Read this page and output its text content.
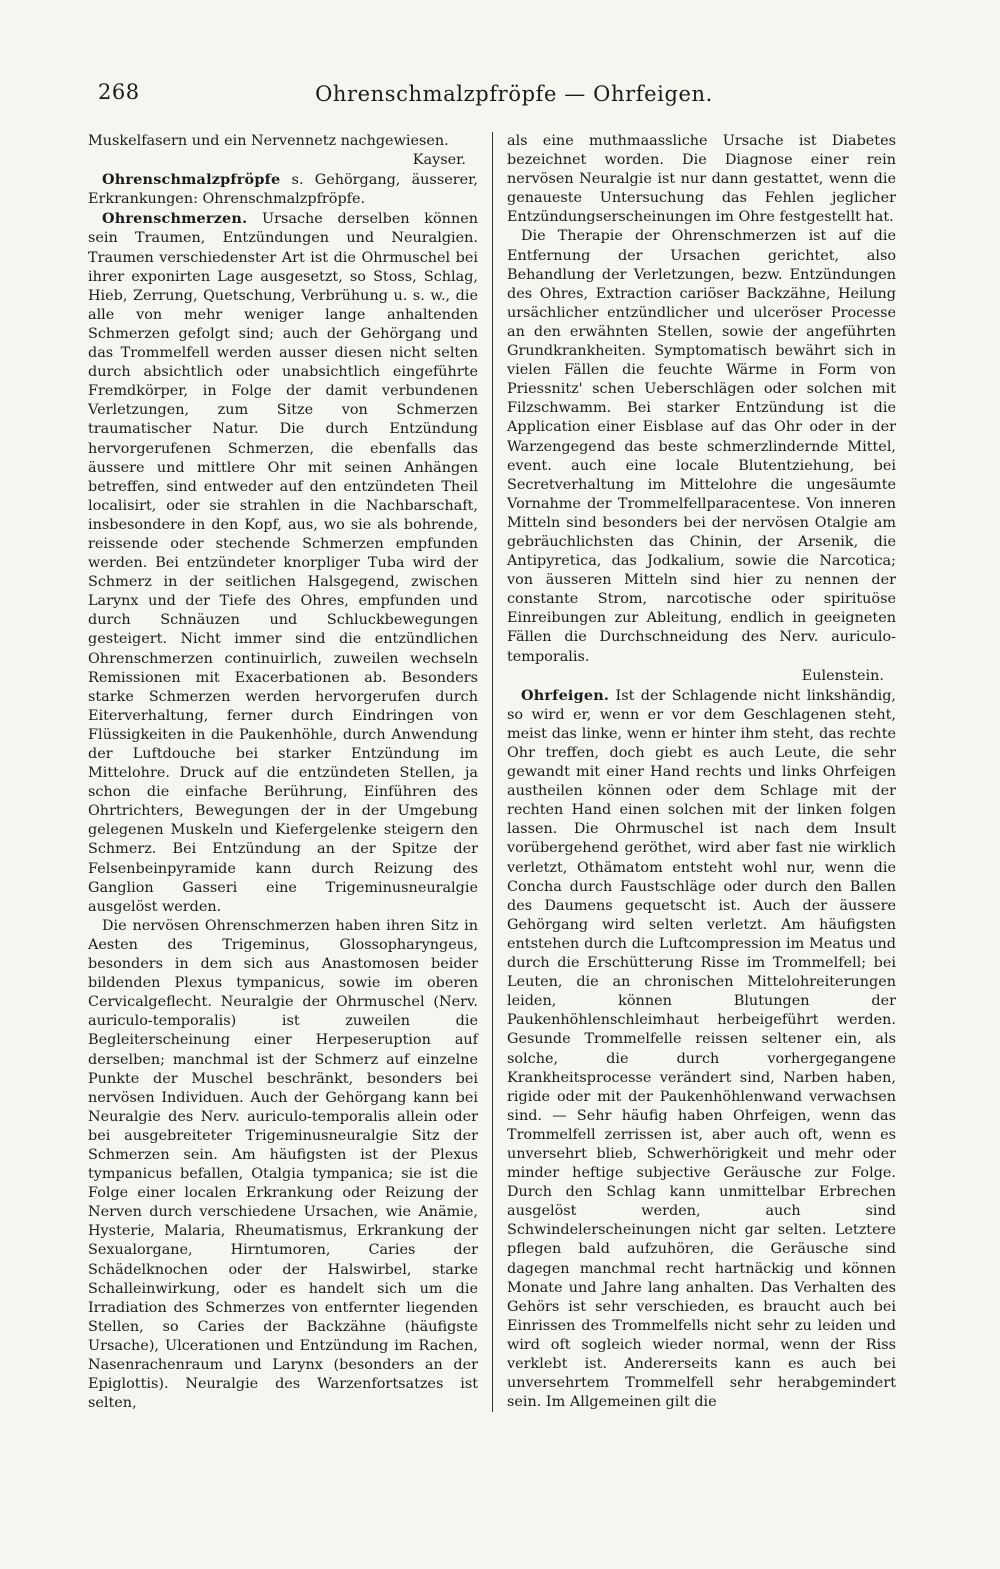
268	Ohrenschmalzpfröpfe — Ohrfeigen.

Muskelfasern und ein Nervennetz nachgewiesen.
Kayser.

Ohrenschmalzpfröpfe s. Gehörgang, äusserer, Erkrankungen: Ohrenschmalzpfröpfe.

Ohrenschmerzen. Ursache derselben können sein Traumen, Entzündungen und Neuralgien. Traumen verschiedenster Art ist die Ohrmuschel bei ihrer exponirten Lage ausgesetzt, so Stoss, Schlag, Hieb, Zerrung, Quetschung, Verbrühung u. s. w., die alle von mehr weniger lange anhaltenden Schmerzen gefolgt sind; auch der Gehörgang und das Trommelfell werden ausser diesen nicht selten durch absichtlich oder unabsichtlich eingeführte Fremdkörper, in Folge der damit verbundenen Verletzungen, zum Sitze von Schmerzen traumatischer Natur. Die durch Entzündung hervorgerufenen Schmerzen, die ebenfalls das äussere und mittlere Ohr mit seinen Anhängen betreffen, sind entweder auf den entzündeten Theil localisirt, oder sie strahlen in die Nachbarschaft, insbesondere in den Kopf, aus, wo sie als bohrende, reissende oder stechende Schmerzen empfunden werden. Bei entzündeter knorpliger Tuba wird der Schmerz in der seitlichen Halsgegend, zwischen Larynx und der Tiefe des Ohres, empfunden und durch Schnäuzen und Schluckbewegungen gesteigert. Nicht immer sind die entzündlichen Ohrenschmerzen continuirlich, zuweilen wechseln Remissionen mit Exacerbationen ab. Besonders starke Schmerzen werden hervorgerufen durch Eiterverhaltung, ferner durch Eindringen von Flüssigkeiten in die Paukenhöhle, durch Anwendung der Luftdouche bei starker Entzündung im Mittelohre. Druck auf die entzündeten Stellen, ja schon die einfache Berührung, Einführen des Ohrtrichters, Bewegungen der in der Umgebung gelegenen Muskeln und Kiefergelenke steigern den Schmerz. Bei Entzündung an der Spitze der Felsenbeinpyramide kann durch Reizung des Ganglion Gasseri eine Trigeminusneuralgie ausgelöst werden.

Die nervösen Ohrenschmerzen haben ihren Sitz in Aesten des Trigeminus, Glossopharyngeus, besonders in dem sich aus Anastomosen beider bildenden Plexus tympanicus, sowie im oberen Cervicalgeflecht. Neuralgie der Ohrmuschel (Nerv. auriculo-temporalis) ist zuweilen die Begleiterscheinung einer Herpeseruption auf derselben; manchmal ist der Schmerz auf einzelne Punkte der Muschel beschränkt, besonders bei nervösen Individuen. Auch der Gehörgang kann bei Neuralgie des Nerv. auriculo-temporalis allein oder bei ausgebreiteter Trigeminusneuralgie Sitz der Schmerzen sein. Am häufigsten ist der Plexus tympanicus befallen, Otalgia tympanica; sie ist die Folge einer localen Erkrankung oder Reizung der Nerven durch verschiedene Ursachen, wie Anämie, Hysterie, Malaria, Rheumatismus, Erkrankung der Sexualorgane, Hirntumoren, Caries der Schädelknochen oder der Halswirbel, starke Schalleinwirkung, oder es handelt sich um die Irradiation des Schmerzes von entfernter liegenden Stellen, so Caries der Backzähne (häufigste Ursache), Ulcerationen und Entzündung im Rachen, Nasenrachenraum und Larynx (besonders an der Epiglottis). Neuralgie des Warzenfortsatzes ist selten,

als eine muthmaassliche Ursache ist Diabetes bezeichnet worden. Die Diagnose einer rein nervösen Neuralgie ist nur dann gestattet, wenn die genaueste Untersuchung das Fehlen jeglicher Entzündungserscheinungen im Ohre festgestellt hat.

Die Therapie der Ohrenschmerzen ist auf die Entfernung der Ursachen gerichtet, also Behandlung der Verletzungen, bezw. Entzündungen des Ohres, Extraction cariöser Backzähne, Heilung ursächlicher entzündlicher und ulceröser Processe an den erwähnten Stellen, sowie der angeführten Grundkrankheiten. Symptomatisch bewährt sich in vielen Fällen die feuchte Wärme in Form von Priessnitz' schen Ueberschlägen oder solchen mit Filzschwamm. Bei starker Entzündung ist die Application einer Eisblase auf das Ohr oder in der Warzengegend das beste schmerzlindernde Mittel, event. auch eine locale Blutentziehung, bei Secretverhaltung im Mittelohre die ungesäumte Vornahme der Trommelfellparacentese. Von inneren Mitteln sind besonders bei der nervösen Otalgie am gebräuchlichsten das Chinin, der Arsenik, die Antipyretica, das Jodkalium, sowie die Narcotica; von äusseren Mitteln sind hier zu nennen der constante Strom, narcotische oder spirituöse Einreibungen zur Ableitung, endlich in geeigneten Fällen die Durchschneidung des Nerv. auriculo-temporalis.
Eulenstein.

Ohrfeigen. Ist der Schlagende nicht linkshändig, so wird er, wenn er vor dem Geschlagenen steht, meist das linke, wenn er hinter ihm steht, das rechte Ohr treffen, doch giebt es auch Leute, die sehr gewandt mit einer Hand rechts und links Ohrfeigen austheilen können oder dem Schlage mit der rechten Hand einen solchen mit der linken folgen lassen. Die Ohrmuschel ist nach dem Insult vorübergehend geröthet, wird aber fast nie wirklich verletzt, Othämatom entsteht wohl nur, wenn die Concha durch Faustschläge oder durch den Ballen des Daumens gequetscht ist. Auch der äussere Gehörgang wird selten verletzt. Am häufigsten entstehen durch die Luftcompression im Meatus und durch die Erschütterung Risse im Trommelfell; bei Leuten, die an chronischen Mittelohreiterungen leiden, können Blutungen der Paukenhöhlenschleimhaut herbeigeführt werden. Gesunde Trommelfelle reissen seltener ein, als solche, die durch vorhergegangene Krankheitsprocesse verändert sind, Narben haben, rigide oder mit der Paukenhöhlenwand verwachsen sind. — Sehr häufig haben Ohrfeigen, wenn das Trommelfell zerrissen ist, aber auch oft, wenn es unversehrt blieb, Schwerhörigkeit und mehr oder minder heftige subjective Geräusche zur Folge. Durch den Schlag kann unmittelbar Erbrechen ausgelöst werden, auch sind Schwindelerscheinungen nicht gar selten. Letztere pflegen bald aufzuhören, die Geräusche sind dagegen manchmal recht hartnäckig und können Monate und Jahre lang anhalten. Das Verhalten des Gehörs ist sehr verschieden, es braucht auch bei Einrissen des Trommelfells nicht sehr zu leiden und wird oft sogleich wieder normal, wenn der Riss verklebt ist. Andererseits kann es auch bei unversehrtem Trommelfell sehr herabgemindert sein. Im Allgemeinen gilt die
